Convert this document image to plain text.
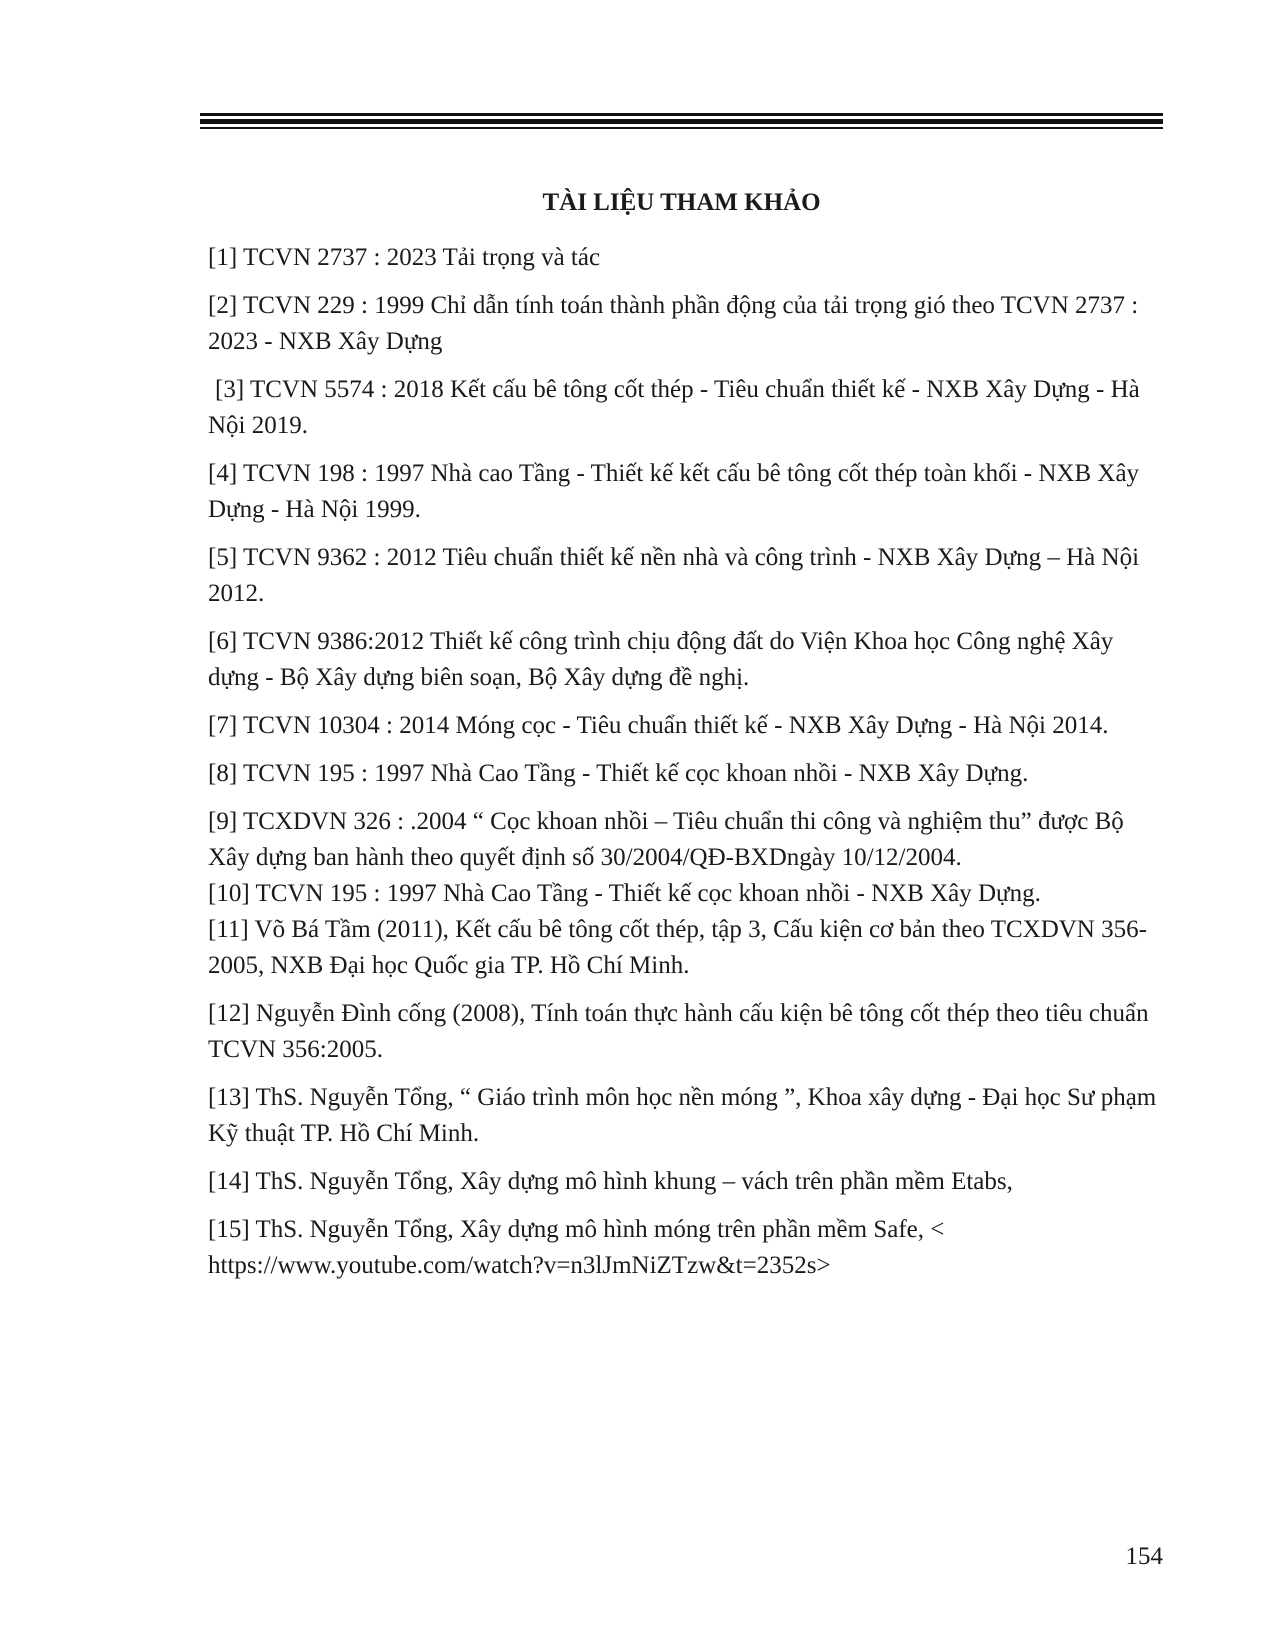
TÀI LIỆU THAM KHẢO

[1] TCVN 2737 : 2023 Tải trọng và tác

[2] TCVN 229 : 1999 Chỉ dẫn tính toán thành phần động của tải trọng gió theo TCVN 2737 : 2023 - NXB Xây Dựng

[3] TCVN 5574 : 2018 Kết cấu bê tông cốt thép - Tiêu chuẩn thiết kế - NXB Xây Dựng - Hà Nội 2019.

[4] TCVN 198 : 1997 Nhà cao Tầng - Thiết kế kết cấu bê tông cốt thép toàn khối - NXB Xây Dựng - Hà Nội 1999.

[5] TCVN 9362 : 2012 Tiêu chuẩn thiết kế nền nhà và công trình - NXB Xây Dựng – Hà Nội 2012.

[6] TCVN 9386:2012 Thiết kế công trình chịu động đất do Viện Khoa học Công nghệ Xây dựng - Bộ Xây dựng biên soạn, Bộ Xây dựng đề nghị.

[7] TCVN 10304 : 2014 Móng cọc - Tiêu chuẩn thiết kế - NXB Xây Dựng - Hà Nội 2014.

[8] TCVN 195 : 1997 Nhà Cao Tầng - Thiết kế cọc khoan nhồi - NXB Xây Dựng.

[9] TCXDVN 326 : .2004 “ Cọc khoan nhồi – Tiêu chuẩn thi công và nghiệm thu” được Bộ Xây dựng ban hành theo quyết định số 30/2004/QĐ-BXDngày 10/12/2004.

[10] TCVN 195 : 1997 Nhà Cao Tầng - Thiết kế cọc khoan nhồi - NXB Xây Dựng.

[11] Võ Bá Tầm (2011), Kết cấu bê tông cốt thép, tập 3, Cấu kiện cơ bản theo TCXDVN 356-2005, NXB Đại học Quốc gia TP. Hồ Chí Minh.

[12] Nguyễn Đình cống (2008), Tính toán thực hành cấu kiện bê tông cốt thép theo tiêu chuẩn TCVN 356:2005.

[13] ThS. Nguyễn Tổng, “ Giáo trình môn học nền móng ”, Khoa xây dựng - Đại học Sư phạm Kỹ thuật TP. Hồ Chí Minh.

[14] ThS. Nguyễn Tổng, Xây dựng mô hình khung – vách trên phần mềm Etabs,

[15] ThS. Nguyễn Tổng, Xây dựng mô hình móng trên phần mềm Safe, < https://www.youtube.com/watch?v=n3lJmNiZTzw&t=2352s>

154
